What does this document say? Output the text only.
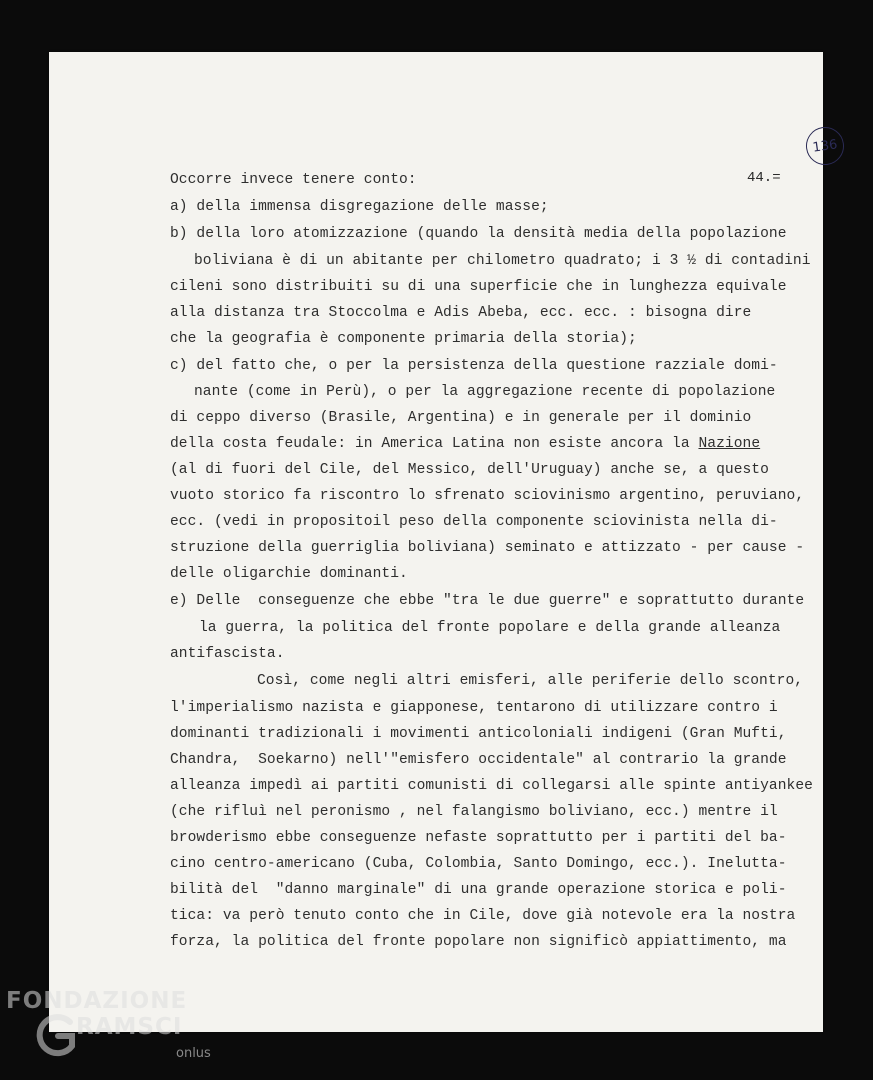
136
44.=
Occorre invece tenere conto:
a) della immensa disgregazione delle masse;
b) della loro atomizzazione (quando la densità media della popolazione
boliviana è di un abitante per chilometro quadrato; i 3 ½ di contadini
cileni sono distribuiti su di una superficie che in lunghezza equivale
alla distanza tra Stoccolma e Adis Abeba, ecc. ecc. : bisogna dire
che la geografia è componente primaria della storia);
c) del fatto che, o per la persistenza della questione razziale domi-
nante (come in Perù), o per la aggregazione recente di popolazione
di ceppo diverso (Brasile, Argentina) e in generale per il dominio
della costa feudale: in America Latina non esiste ancora la Nazione
(al di fuori del Cile, del Messico, dell'Uruguay) anche se, a questo
vuoto storico fa riscontro lo sfrenato sciovinismo argentino, peruviano,
ecc. (vedi in propositoil peso della componente sciovinista nella di-
struzione della guerriglia boliviana) seminato e attizzato - per cause -
delle oligarchie dominanti.
e) Delle  conseguenze che ebbe "tra le due guerre" e soprattutto durante
la guerra, la politica del fronte popolare e della grande alleanza
antifascista.
Così, come negli altri emisferi, alle periferie dello scontro,
l'imperialismo nazista e giapponese, tentarono di utilizzare contro i
dominanti tradizionali i movimenti anticoloniali indigeni (Gran Mufti,
Chandra,  Soekarno) nell'"emisfero occidentale" al contrario la grande
alleanza impedì ai partiti comunisti di collegarsi alle spinte antiyankee
(che rifluì nel peronismo , nel falangismo boliviano, ecc.) mentre il
browderismo ebbe conseguenze nefaste soprattutto per i partiti del ba-
cino centro-americano (Cuba, Colombia, Santo Domingo, ecc.). Inelutta-
bilità del  "danno marginale" di una grande operazione storica e poli-
tica: va però tenuto conto che in Cile, dove già notevole era la nostra
forza, la politica del fronte popolare non significò appiattimento, ma
FONDAZIONE
RAMSCI
onlus
